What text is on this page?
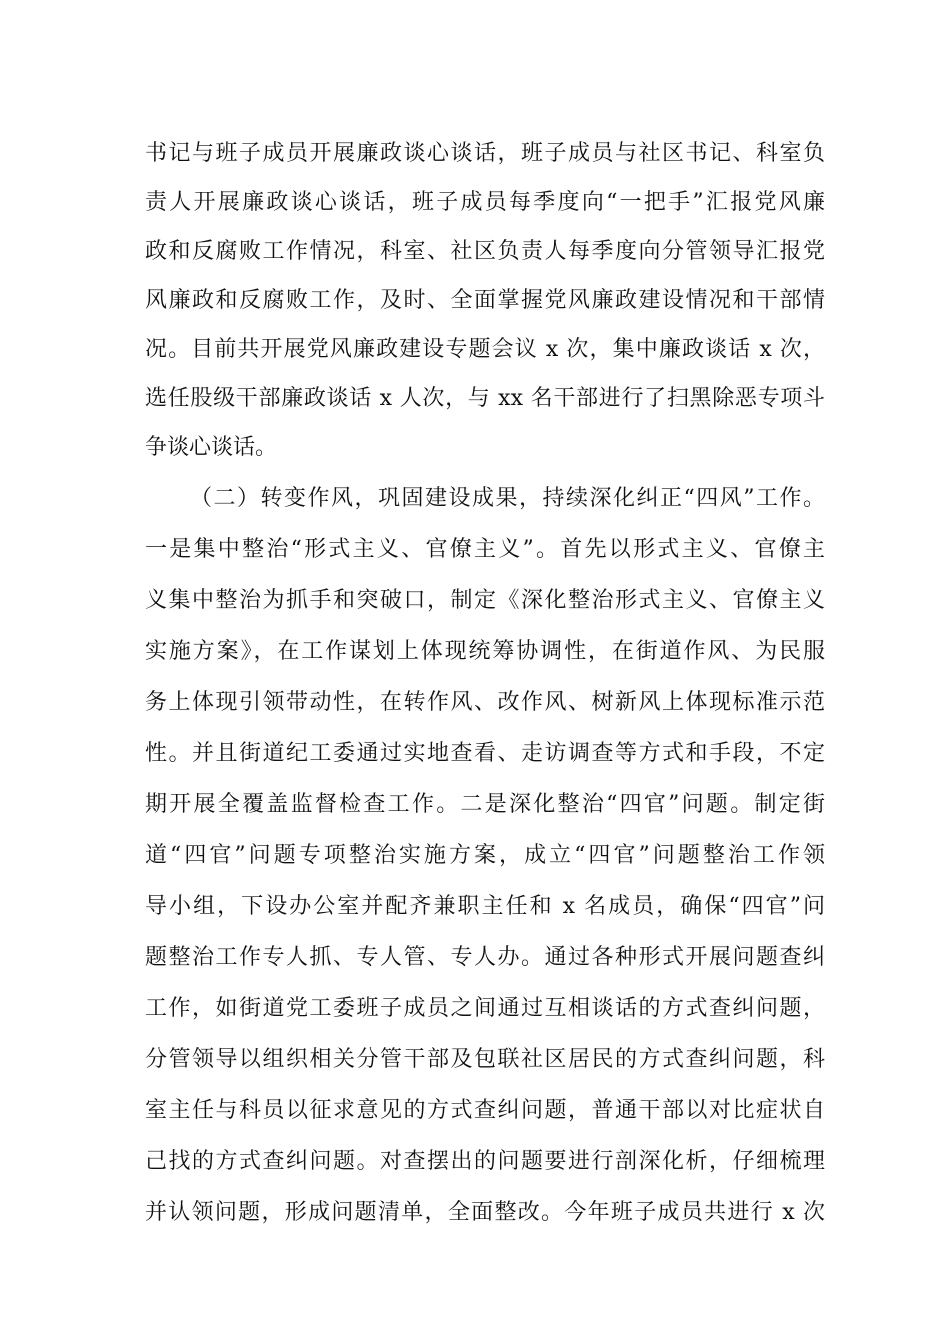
书记与班子成员开展廉政谈心谈话，班子成员与社区书记、科室负
责人开展廉政谈心谈话，班子成员每季度向“一把手”汇报党风廉
政和反腐败工作情况，科室、社区负责人每季度向分管领导汇报党
风廉政和反腐败工作，及时、全面掌握党风廉政建设情况和干部情
况。目前共开展党风廉政建设专题会议 x 次，集中廉政谈话 x 次，
选任股级干部廉政谈话 x 人次，与 xx 名干部进行了扫黑除恶专项斗
争谈心谈话。
（二）转变作风，巩固建设成果，持续深化纠正“四风”工作。
一是集中整治“形式主义、官僚主义”。首先以形式主义、官僚主
义集中整治为抓手和突破口，制定《深化整治形式主义、官僚主义
实施方案》，在工作谋划上体现统筹协调性，在街道作风、为民服
务上体现引领带动性，在转作风、改作风、树新风上体现标准示范
性。并且街道纪工委通过实地查看、走访调查等方式和手段，不定
期开展全覆盖监督检查工作。二是深化整治“四官”问题。制定街
道“四官”问题专项整治实施方案，成立“四官”问题整治工作领
导小组，下设办公室并配齐兼职主任和 x 名成员，确保“四官”问
题整治工作专人抓、专人管、专人办。通过各种形式开展问题查纠
工作，如街道党工委班子成员之间通过互相谈话的方式查纠问题，
分管领导以组织相关分管干部及包联社区居民的方式查纠问题，科
室主任与科员以征求意见的方式查纠问题，普通干部以对比症状自
己找的方式查纠问题。对查摆出的问题要进行剖深化析，仔细梳理
并认领问题，形成问题清单，全面整改。今年班子成员共进行 x 次
